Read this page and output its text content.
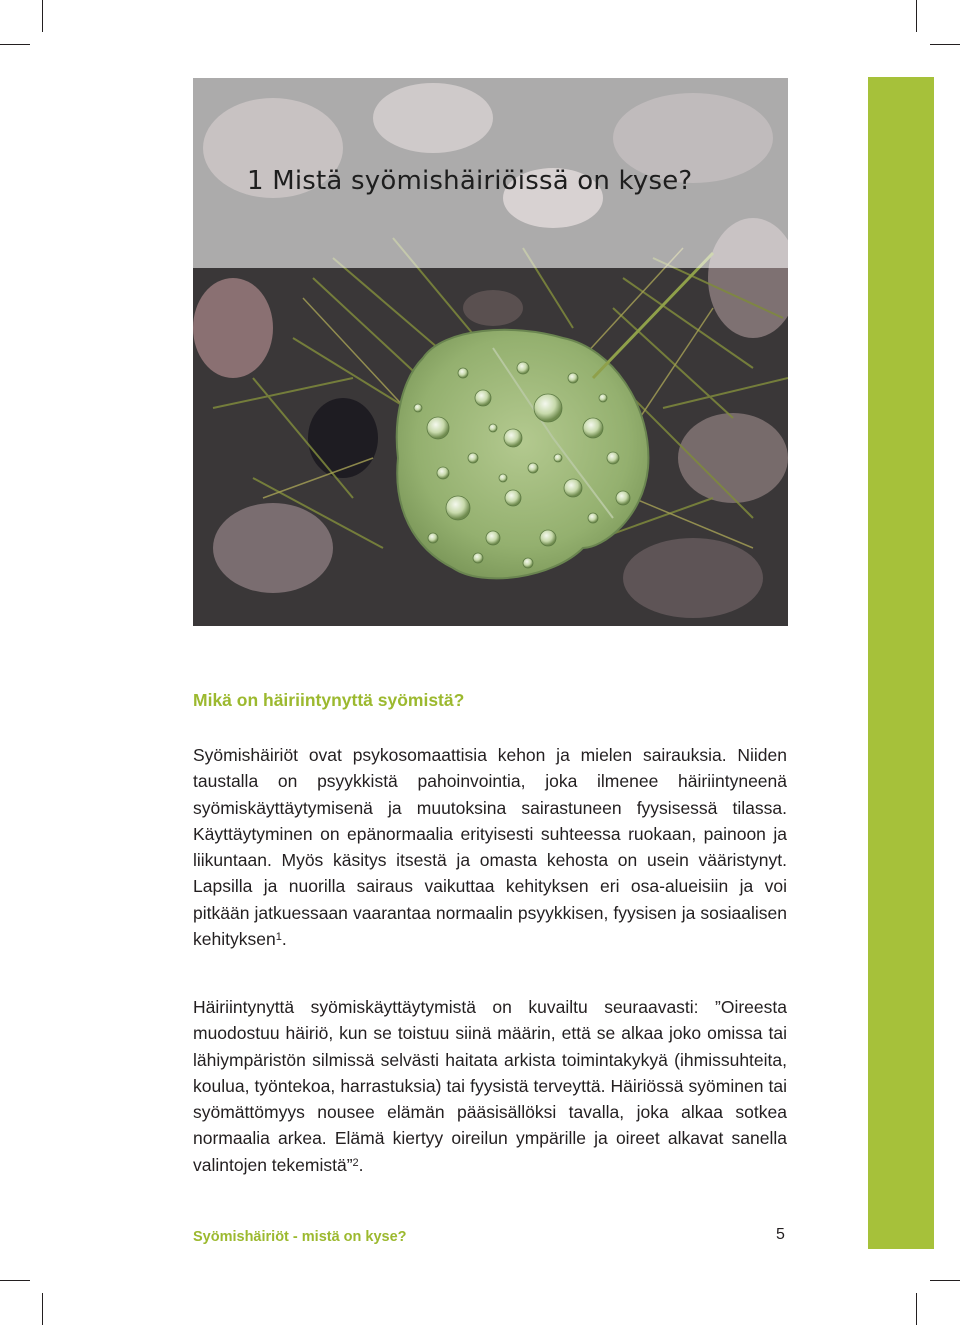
1 Mistä syömishäiriöissä on kyse?
Mikä on häiriintynyttä syömistä?

Syömishäiriöt ovat psykosomaattisia kehon ja mielen sairauksia. Niiden taustalla on psyykkistä pahoinvointia, joka ilmenee häiriintyneenä syömiskäyttäytymisenä ja muutoksina sairastuneen fyysisessä tilassa. Käyttäytyminen on epänormaalia erityisesti suhteessa ruokaan, painoon ja liikuntaan. Myös käsitys itsestä ja omasta kehosta on usein vääristynyt. Lapsilla ja nuorilla sairaus vaikuttaa kehityksen eri osa-alueisiin ja voi pitkään jatkuessaan vaarantaa normaalin psyykkisen, fyysisen ja sosiaalisen kehityksen$^1$.

Häiriintynyttä syömiskäyttäytymistä on kuvailtu seuraavasti: ”Oireesta muodostuu häiriö, kun se toistuu siinä määrin, että se alkaa joko omissa tai lähiympäristön silmissä selvästi haitata arkista toimintakykyä (ihmissuhteita, koulua, työntekoa, harrastuksia) tai fyysistä terveyttä. Häiriössä syöminen tai syömättömyys nousee elämän pääsisällöksi tavalla, joka alkaa sotkea normaalia arkea. Elämä kiertyy oireilun ympärille ja oireet alkavat sanella valintojen tekemistä”$^2$.

Syömishäiriöt - mistä on kyse?	5
